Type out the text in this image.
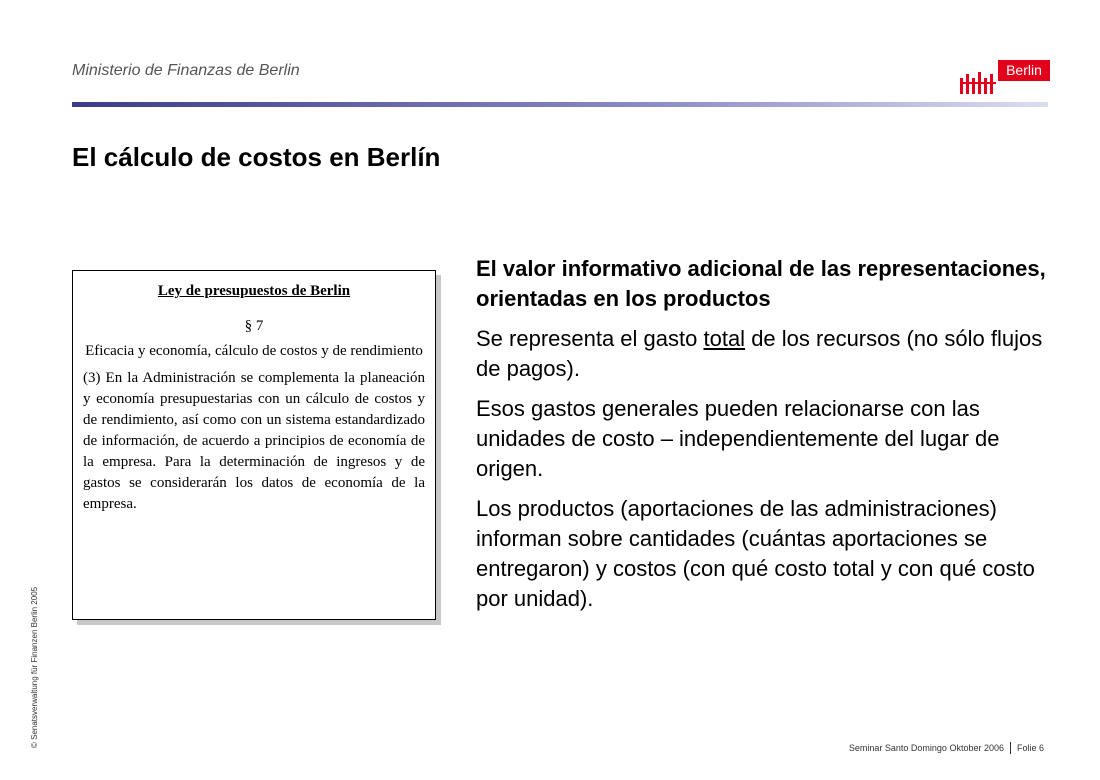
Ministerio de Finanzas de Berlin	Berlin
El cálculo de costos en Berlín

Ley de presupuestos de Berlin

§ 7

Eficacia y economía, cálculo de costos y de rendimiento

(3) En la Administración se complementa la planeación y economía presupuestarias con un cálculo de costos y de rendimiento, así como con un sistema estandardizado de información, de acuerdo a principios de economía de la empresa. Para la determinación de ingresos y de gastos se considerarán los datos de economía de la empresa.

El valor informativo adicional de las representaciones, orientadas en los productos

Se representa el gasto total de los recursos (no sólo flujos de pagos).

Esos gastos generales pueden relacionarse con las unidades de costo – independientemente del lugar de origen.

Los productos (aportaciones de las administraciones) informan sobre cantidades (cuántas aportaciones se entregaron) y costos (con qué costo total y con qué costo por unidad).

© Senatsverwaltung für Finanzen Berlin 2005	Seminar Santo Domingo Oktober 2006 Folie 6
